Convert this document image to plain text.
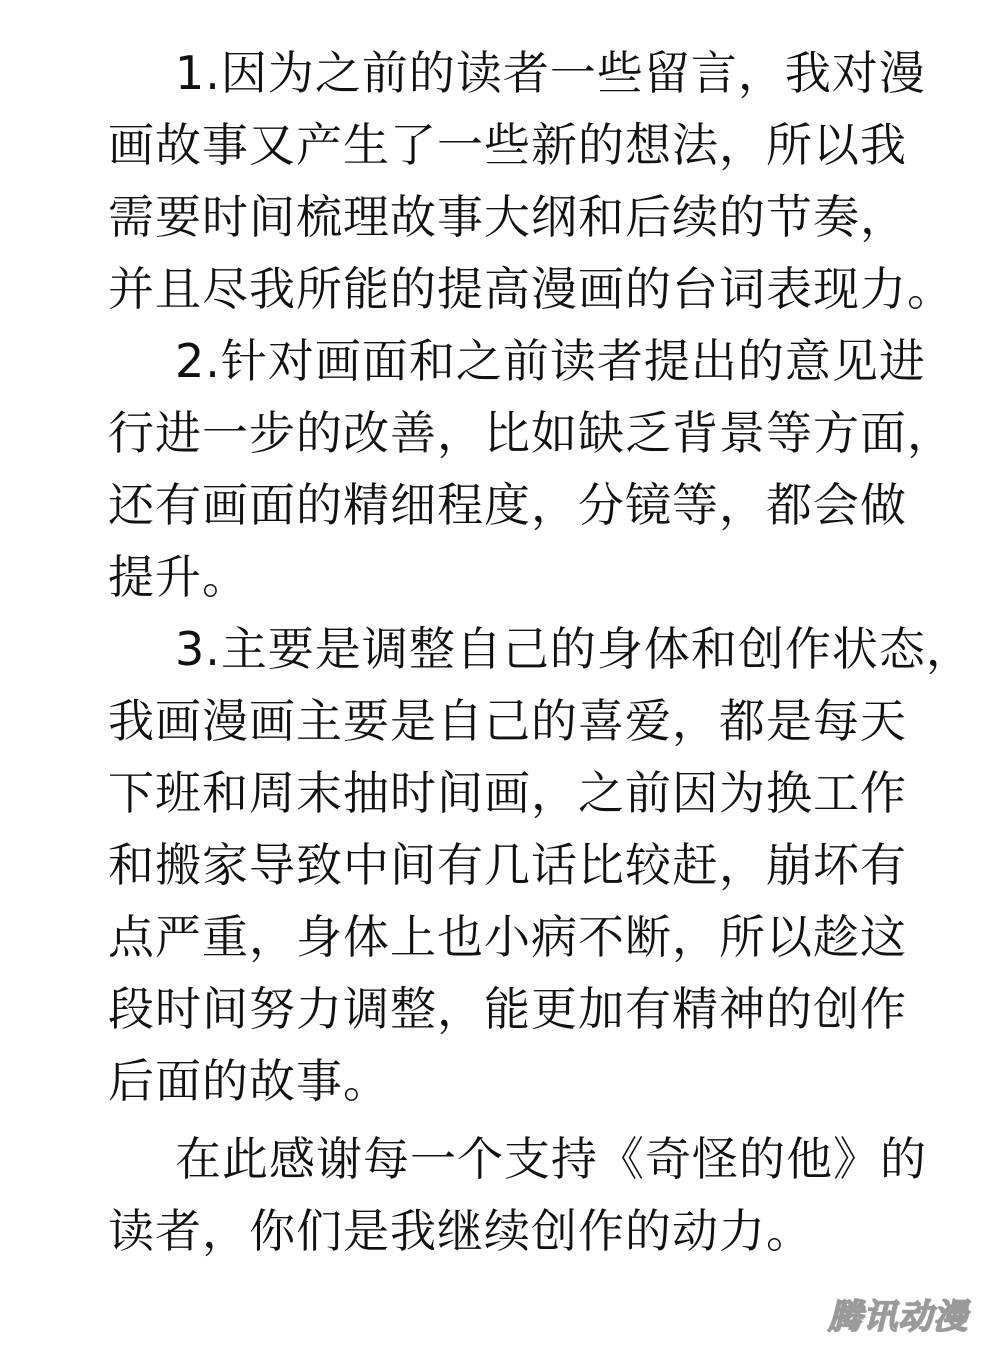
1.因为之前的读者一些留言，我对漫
画故事又产生了一些新的想法，所以我
需要时间梳理故事大纲和后续的节奏，
并且尽我所能的提高漫画的台词表现力。
2.针对画面和之前读者提出的意见进
行进一步的改善，比如缺乏背景等方面，
还有画面的精细程度，分镜等，都会做
提升。
3.主要是调整自己的身体和创作状态，
我画漫画主要是自己的喜爱，都是每天
下班和周末抽时间画，之前因为换工作
和搬家导致中间有几话比较赶，崩坏有
点严重，身体上也小病不断，所以趁这
段时间努力调整，能更加有精神的创作
后面的故事。
在此感谢每一个支持《奇怪的他》的
读者，你们是我继续创作的动力。
腾讯动漫
